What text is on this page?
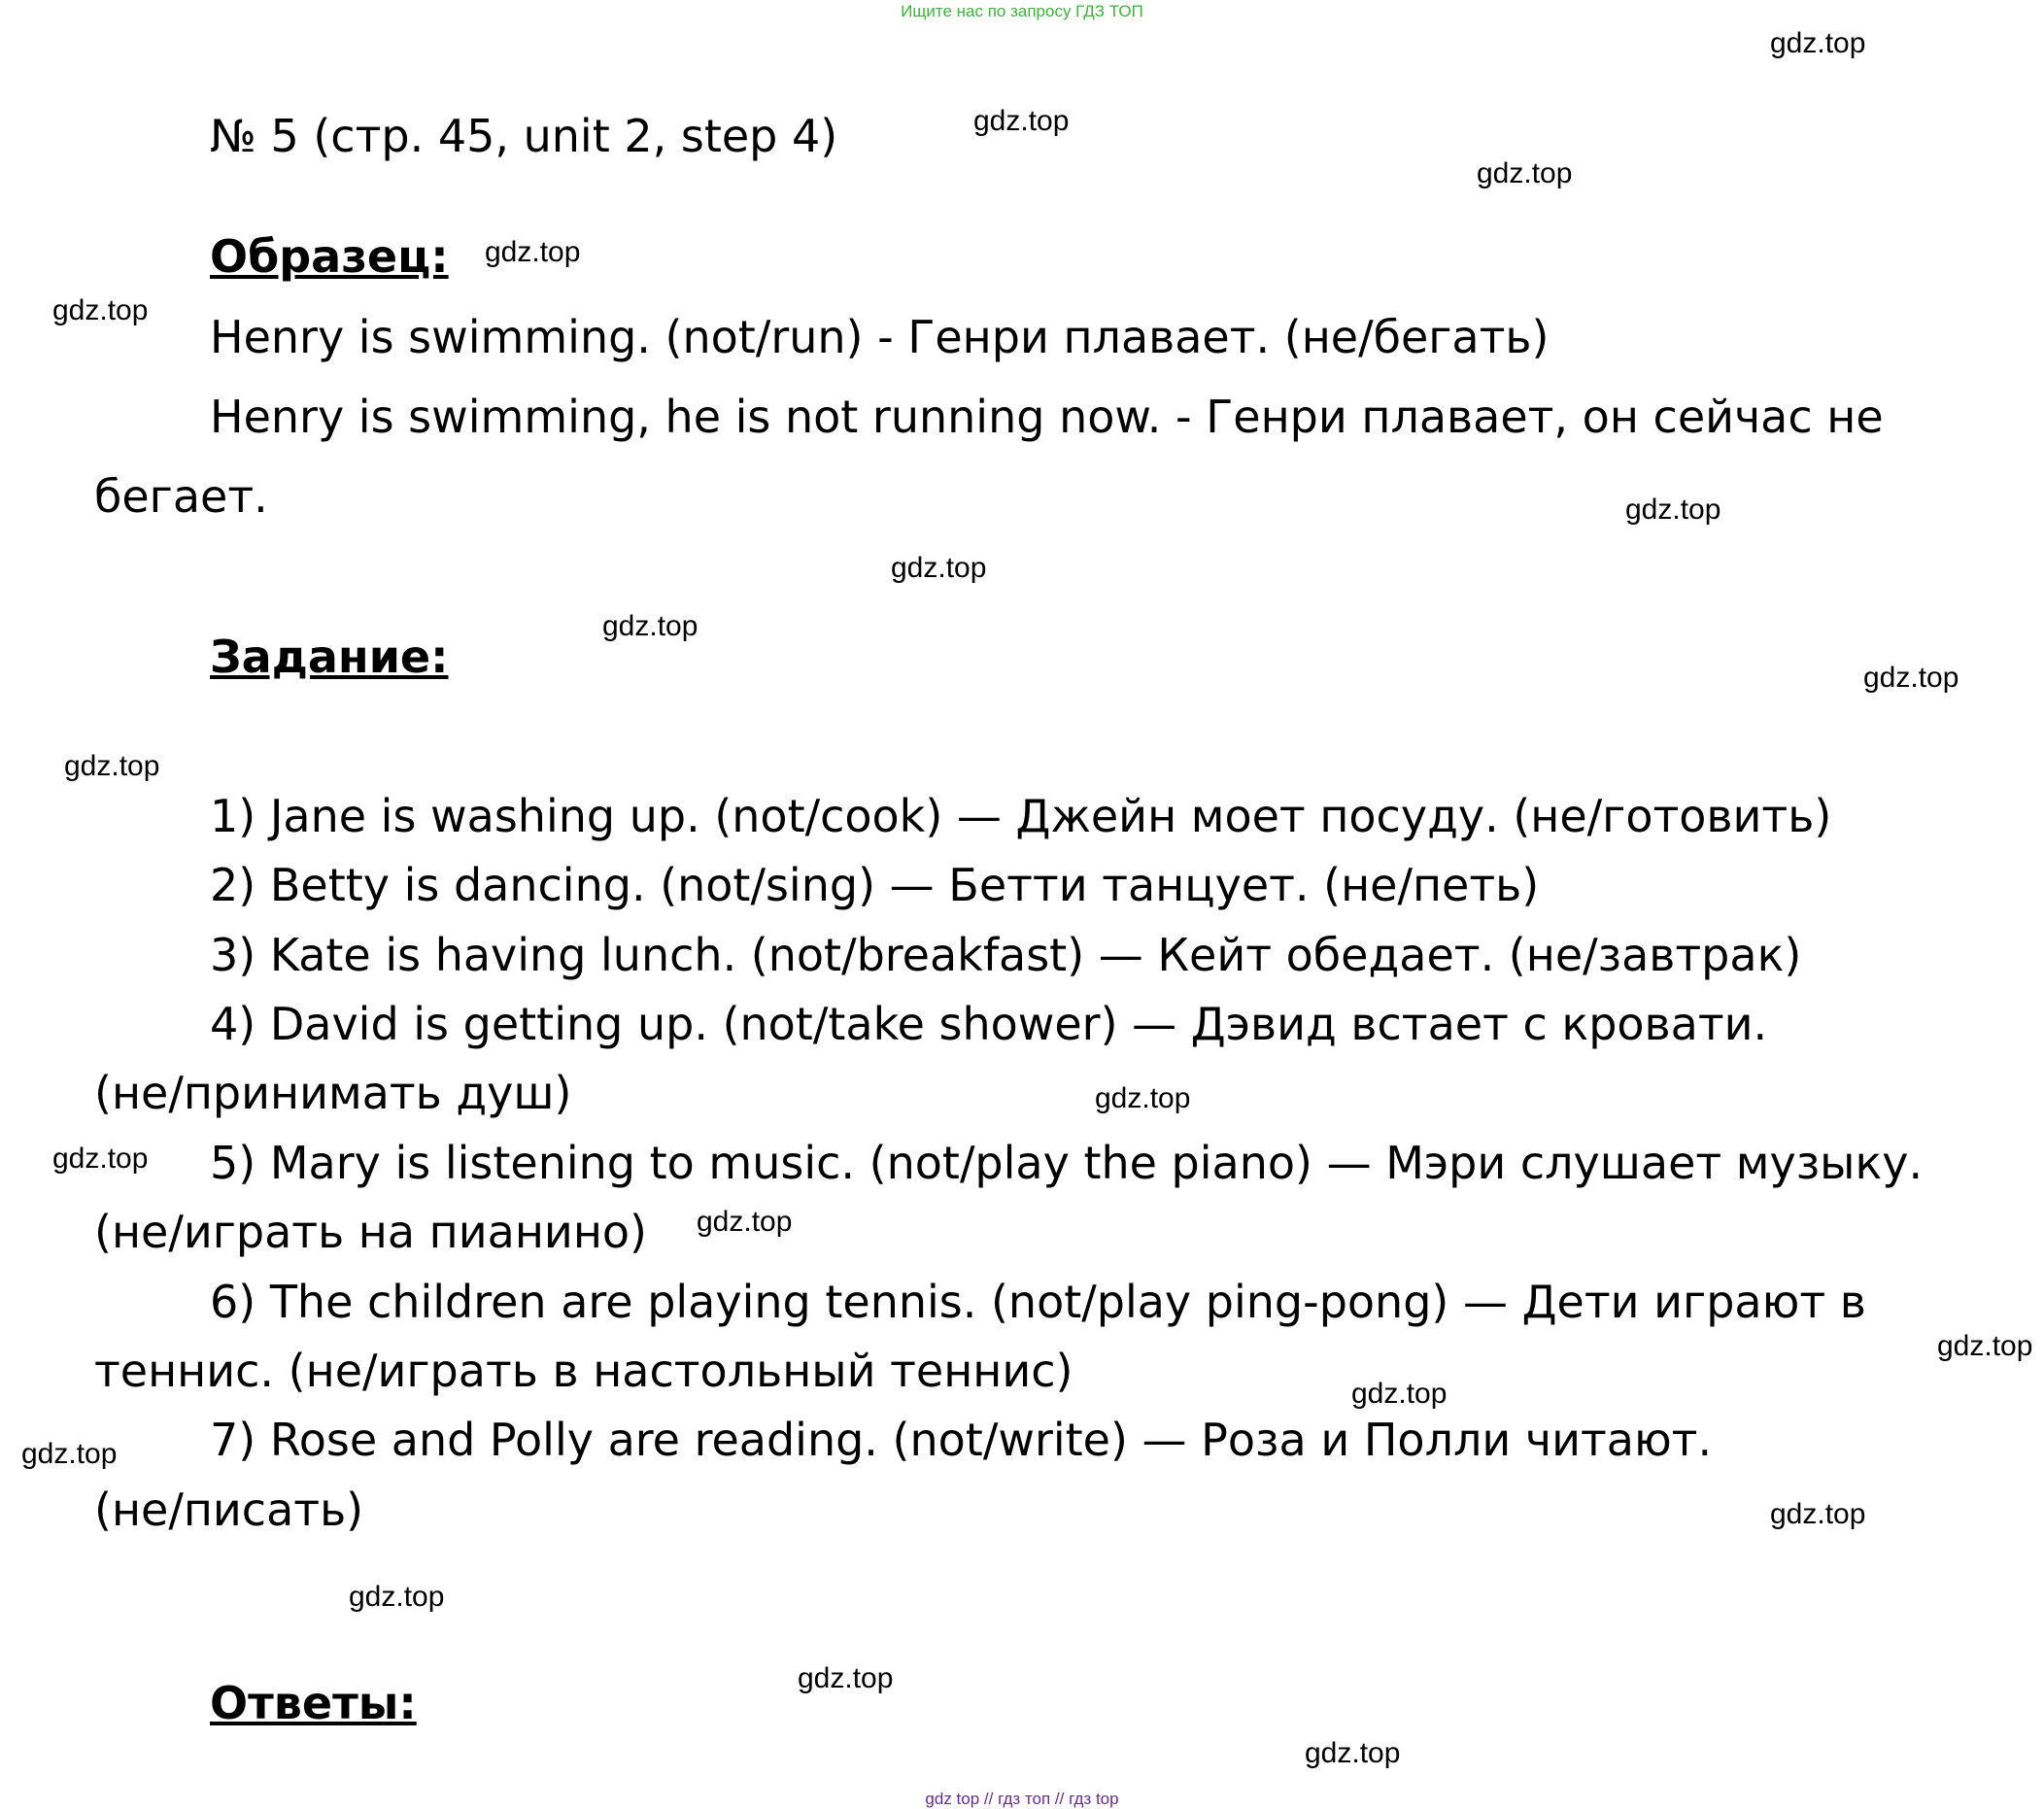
Ищите нас по запросу ГДЗ ТОП
gdz.top
gdz.top
gdz.top
gdz.top
gdz.top
gdz.top
gdz.top
gdz.top
gdz.top
gdz.top
gdz.top
gdz.top
gdz.top
gdz.top
gdz.top
gdz.top
gdz.top
gdz.top
gdz.top
gdz.top
№ 5 (стр. 45, unit 2, step 4)
Образец:
Henry is swimming. (not/run) - Генри плавает. (не/бегать)
Henry is swimming, he is not running now. - Генри плавает, он сейчас не
бегает.
Задание:
1) Jane is washing up. (not/cook) — Джейн моет посуду. (не/готовить)
2) Betty is dancing. (not/sing) — Бетти танцует. (не/петь)
3) Kate is having lunch. (not/breakfast) — Кейт обедает. (не/завтрак)
4) David is getting up. (not/take shower) — Дэвид встает с кровати.
(не/принимать душ)
5) Mary is listening to music. (not/play the piano) — Мэри слушает музыку.
(не/играть на пианино)
6) The children are playing tennis. (not/play ping-pong) — Дети играют в
теннис. (не/играть в настольный теннис)
7) Rose and Polly are reading. (not/write) — Роза и Полли читают.
(не/писать)
Ответы:
gdz top // гдз топ // гдз top
